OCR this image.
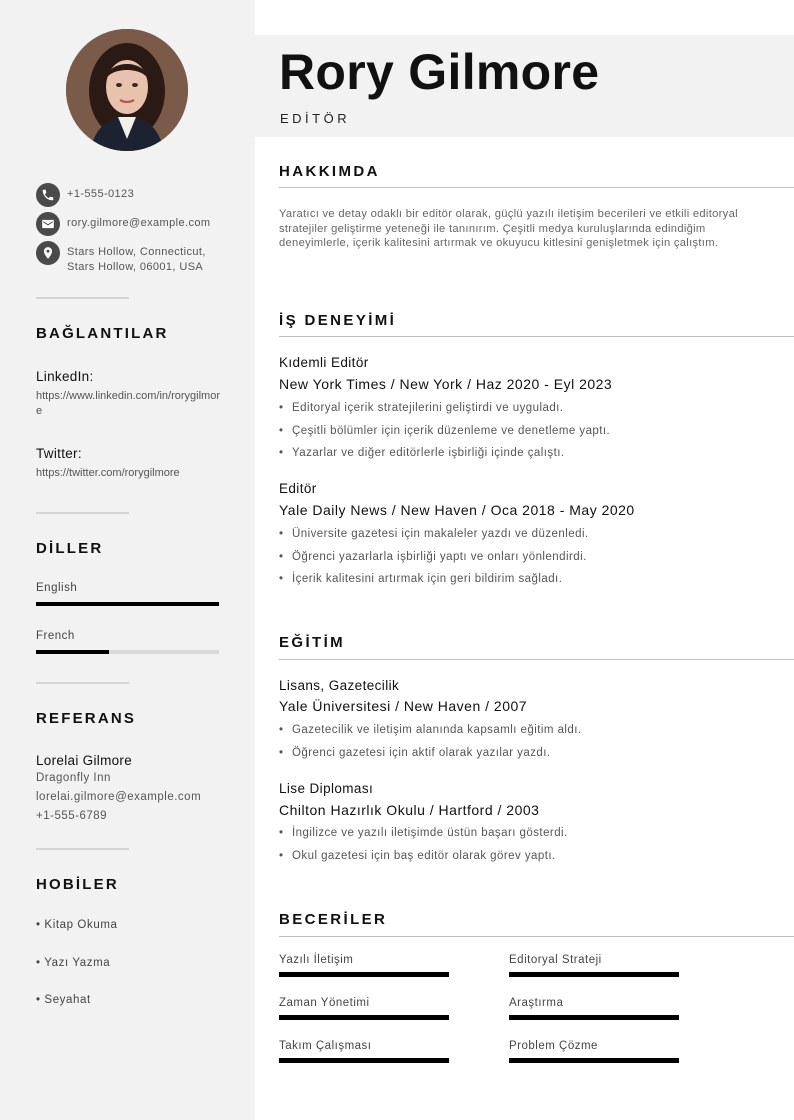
+1-555-0123
rory.gilmore@example.com
Stars Hollow, Connecticut,
Stars Hollow, 06001, USA
BAĞLANTILAR
LinkedIn:
https://www.linkedin.com/in/rorygilmore
Twitter:
https://twitter.com/rorygilmore
DİLLER
English
French
REFERANS
Lorelai Gilmore
Dragonfly Inn
lorelai.gilmore@example.com
+1-555-6789
HOBİLER
• Kitap Okuma
• Yazı Yazma
• Seyahat
Rory Gilmore
EDİTÖR
HAKKIMDA
Yaratıcı ve detay odaklı bir editör olarak, güçlü yazılı iletişim becerileri ve etkili editoryal stratejiler geliştirme yeteneği ile tanınırım. Çeşitli medya kuruluşlarında edindiğim deneyimlerle, içerik kalitesini artırmak ve okuyucu kitlesini genişletmek için çalıştım.
İŞ DENEYİMİ
Kıdemli Editör
New York Times / New York / Haz 2020 - Eyl 2023
• Editoryal içerik stratejilerini geliştirdi ve uyguladı.
• Çeşitli bölümler için içerik düzenleme ve denetleme yaptı.
• Yazarlar ve diğer editörlerle işbirliği içinde çalıştı.
Editör
Yale Daily News / New Haven / Oca 2018 - May 2020
• Üniversite gazetesi için makaleler yazdı ve düzenledi.
• Öğrenci yazarlarla işbirliği yaptı ve onları yönlendirdi.
• İçerik kalitesini artırmak için geri bildirim sağladı.
EĞİTİM
Lisans, Gazetecilik
Yale Üniversitesi / New Haven / 2007
• Gazetecilik ve iletişim alanında kapsamlı eğitim aldı.
• Öğrenci gazetesi için aktif olarak yazılar yazdı.
Lise Diploması
Chilton Hazırlık Okulu / Hartford / 2003
• İngilizce ve yazılı iletişimde üstün başarı gösterdi.
• Okul gazetesi için baş editör olarak görev yaptı.
BECERİLER
Yazılı İletişim	Editoryal Strateji
Zaman Yönetimi	Araştırma
Takım Çalışması	Problem Çözme
